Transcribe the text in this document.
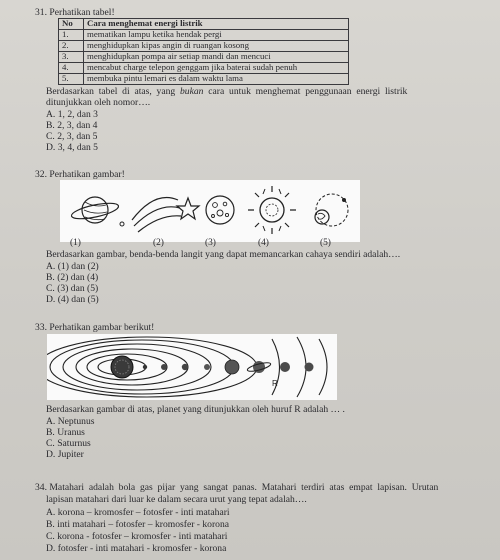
31. Perhatikan tabel!
No	Cara menghemat energi listrik
1.	mematikan lampu ketika hendak pergi
2.	menghidupkan kipas angin di ruangan kosong
3.	menghidupkan pompa air setiap mandi dan mencuci
4.	mencabut charge telepon genggam jika baterai sudah penuh
5.	membuka pintu lemari es dalam waktu lama
Berdasarkan  tabel  di  atas,  yang  bukan  cara  untuk  menghemat  penggunaan  energi  listrik
ditunjukkan oleh nomor….
A. 1, 2, dan 3
B. 2, 3, dan 4
C. 2, 3, dan 5
D. 3, 4, dan 5
32. Perhatikan gambar!
(1)	(2)	(3)	(4)	(5)
Berdasarkan gambar, benda-benda langit yang dapat memancarkan cahaya sendiri adalah….
A. (1) dan (2)
B. (2) dan (4)
C. (3) dan (5)
D. (4) dan (5)
33. Perhatikan gambar berikut!
R
Berdasarkan gambar di atas, planet yang ditunjukkan oleh huruf R adalah … .
A. Neptunus
B. Uranus
C. Saturnus
D. Jupiter
34. Matahari  adalah  bola  gas  pijar  yang  sangat  panas.  Matahari  terdiri  atas  empat  lapisan.  Urutan
lapisan matahari dari luar ke dalam secara urut yang tepat adalah….
A. korona – kromosfer – fotosfer - inti matahari
B. inti matahari – fotosfer – kromosfer - korona
C. korona - fotosfer – kromosfer - inti matahari
D. fotosfer - inti matahari - kromosfer - korona
